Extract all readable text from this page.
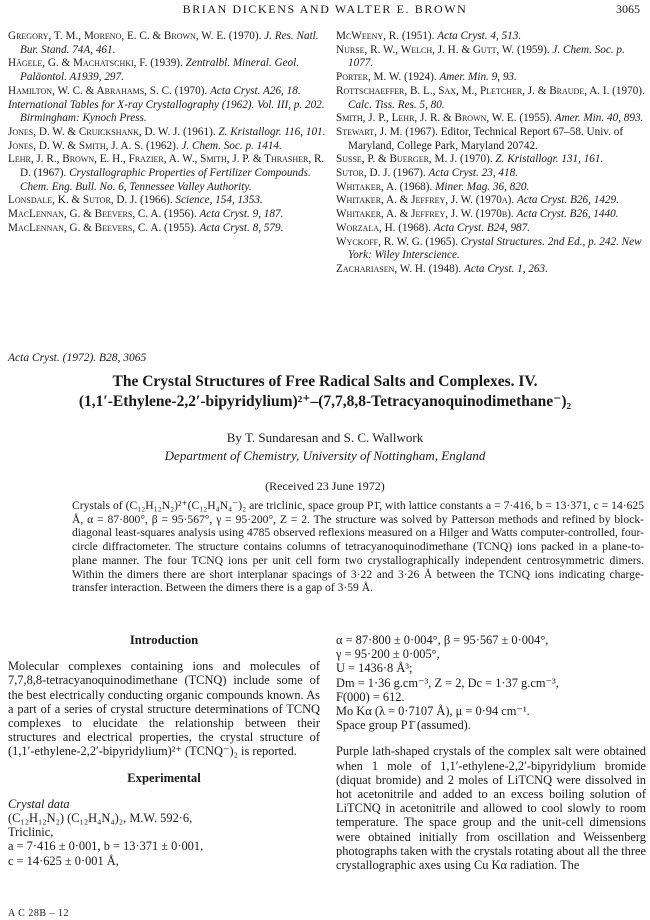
BRIAN DICKENS AND WALTER E. BROWN	3065
Gregory, T. M., Moreno, E. C. & Brown, W. E. (1970). J. Res. Natl. Bur. Stand. 74A, 461.
Hägele, G. & Machatschki, F. (1939). Zentralbl. Mineral. Geol. Paläontol. A1939, 297.
Hamilton, W. C. & Abrahams, S. C. (1970). Acta Cryst. A26, 18.
International Tables for X-ray Crystallography (1962). Vol. III, p. 202. Birmingham: Kynoch Press.
Jones, D. W. & Cruickshank, D. W. J. (1961). Z. Kristallogr. 116, 101.
Jones, D. W. & Smith, J. A. S. (1962). J. Chem. Soc. p. 1414.
Lehr, J. R., Brown, E. H., Frazier, A. W., Smith, J. P. & Thrasher, R. D. (1967). Crystallographic Properties of Fertilizer Compounds. Chem. Eng. Bull. No. 6, Tennessee Valley Authority.
Lonsdale, K. & Sutor, D. J. (1966). Science, 154, 1353.
MacLennan, G. & Beevers, C. A. (1956). Acta Cryst. 9, 187.
MacLennan, G. & Beevers, C. A. (1955). Acta Cryst. 8, 579.
McWeeny, R. (1951). Acta Cryst. 4, 513.
Nurse, R. W., Welch, J. H. & Gutt, W. (1959). J. Chem. Soc. p. 1077.
Porter, M. W. (1924). Amer. Min. 9, 93.
Rottschaeffer, B. L., Sax, M., Pletcher, J. & Braude, A. I. (1970). Calc. Tiss. Res. 5, 80.
Smith, J. P., Lehr, J. R. & Brown, W. E. (1955). Amer. Min. 40, 893.
Stewart, J. M. (1967). Editor, Technical Report 67–58. Univ. of Maryland, College Park, Maryland 20742.
Susse, P. & Buerger, M. J. (1970). Z. Kristallogr. 131, 161.
Sutor, D. J. (1967). Acta Cryst. 23, 418.
Whitaker, A. (1968). Miner. Mag. 36, 820.
Whitaker, A. & Jeffrey, J. W. (1970a). Acta Cryst. B26, 1429.
Whitaker, A. & Jeffrey, J. W. (1970b). Acta Cryst. B26, 1440.
Worzala, H. (1968). Acta Cryst. B24, 987.
Wyckoff, R. W. G. (1965). Crystal Structures. 2nd Ed., p. 242. New York: Wiley Interscience.
Zachariasen, W. H. (1948). Acta Cryst. 1, 263.
Acta Cryst. (1972). B28, 3065
The Crystal Structures of Free Radical Salts and Complexes. IV.
(1,1′-Ethylene-2,2′-bipyridylium)²⁺–(7,7,8,8-Tetracyanoquinodimethane⁻)₂
By T. Sundaresan and S. C. Wallwork
Department of Chemistry, University of Nottingham, England
(Received 23 June 1972)
Crystals of (C₁₂H₁₂N₂)²⁺(C₁₂H₄N₄⁻)₂ are triclinic, space group P1̄, with lattice constants a = 7·416, b = 13·371, c = 14·625 Å, α = 87·800°, β = 95·567°, γ = 95·200°, Z = 2. The structure was solved by Patterson methods and refined by block-diagonal least-squares analysis using 4785 observed reflexions measured on a Hilger and Watts computer-controlled, four-circle diffractometer. The structure contains columns of tetracyanoquinodimethane (TCNQ) ions packed in a plane-to-plane manner. The four TCNQ ions per unit cell form two crystallographically independent centrosymmetric dimers. Within the dimers there are short interplanar spacings of 3·22 and 3·26 Å between the TCNQ ions indicating charge-transfer interaction. Between the dimers there is a gap of 3·59 Å.
Introduction
Molecular complexes containing ions and molecules of 7,7,8,8-tetracyanoquinodimethane (TCNQ) include some of the best electrically conducting organic compounds known. As a part of a series of crystal structure determinations of TCNQ complexes to elucidate the relationship between their structures and electrical properties, the crystal structure of (1,1′-ethylene-2,2′-bipyridylium)²⁺ (TCNQ⁻)₂ is reported.
Experimental
Crystal data
(C₁₂H₁₂N₂) (C₁₂H₄N₄)₂, M.W. 592·6,
Triclinic,
a = 7·416 ± 0·001, b = 13·371 ± 0·001,
c = 14·625 ± 0·001 Å,
α = 87·800 ± 0·004°, β = 95·567 ± 0·004°,
γ = 95·200 ± 0·005°,
U = 1436·8 Å³;
Dm = 1·36 g.cm⁻³, Z = 2, Dc = 1·37 g.cm⁻³,
F(000) = 612.
Mo Kα (λ = 0·7107 Å), μ = 0·94 cm⁻¹.
Space group P1̄ (assumed).
Purple lath-shaped crystals of the complex salt were obtained when 1 mole of 1,1′-ethylene-2,2′-bipyridylium bromide (diquat bromide) and 2 moles of LiTCNQ were dissolved in hot acetonitrile and added to an excess boiling solution of LiTCNQ in acetonitrile and allowed to cool slowly to room temperature. The space group and the unit-cell dimensions were obtained initially from oscillation and Weissenberg photographs taken with the crystals rotating about all the three crystallographic axes using Cu Kα radiation. The
A C 28B – 12
